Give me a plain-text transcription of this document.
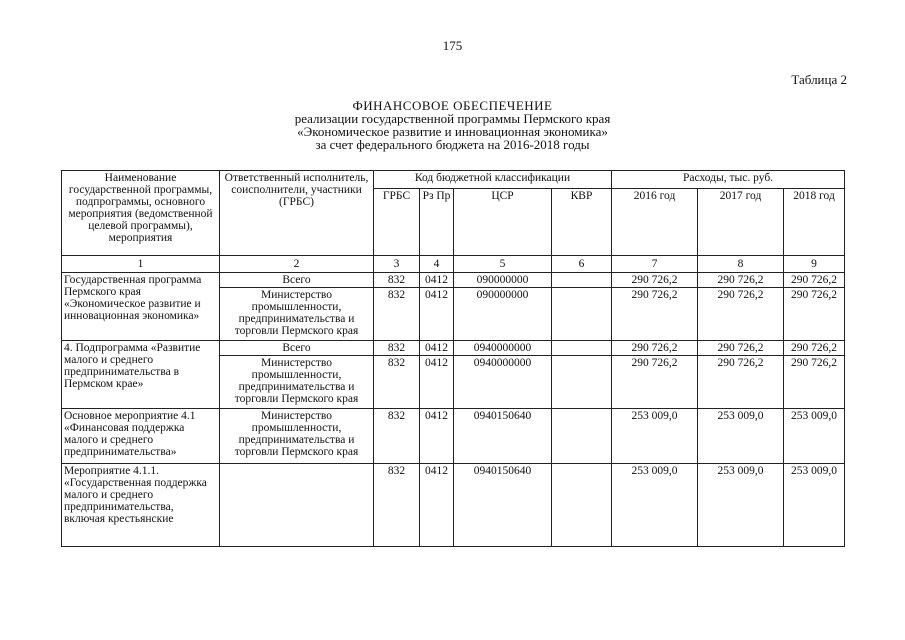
175
Таблица 2
ФИНАНСОВОЕ ОБЕСПЕЧЕНИЕ
реализации государственной программы Пермского края
«Экономическое развитие и инновационная экономика»
за счет федерального бюджета на 2016-2018 годы
Наименование государственной программы, подпрограммы, основного мероприятия (ведомственной целевой программы), мероприятия	Ответственный исполнитель, соисполнители, участники (ГРБС)	Код бюджетной классификации				Расходы, тыс. руб.		
		ГРБС	Рз Пр	ЦСР	КВР	2016 год	2017 год	2018 год
1	2	3	4	5	6	7	8	9
Государственная программа Пермского края «Экономическое развитие и инновационная экономика»	Всего	832	0412	090000000		290 726,2	290 726,2	290 726,2
	Министерство промышленности, предпринимательства и торговли Пермского края	832	0412	090000000		290 726,2	290 726,2	290 726,2
4. Подпрограмма «Развитие малого и среднего предпринимательства в Пермском крае»	Всего	832	0412	0940000000		290 726,2	290 726,2	290 726,2
	Министерство промышленности, предпринимательства и торговли Пермского края	832	0412	0940000000		290 726,2	290 726,2	290 726,2
Основное мероприятие 4.1 «Финансовая поддержка малого и среднего предпринимательства»	Министерство промышленности, предпринимательства и торговли Пермского края	832	0412	0940150640		253 009,0	253 009,0	253 009,0
Мероприятие 4.1.1. «Государственная поддержка малого и среднего предпринимательства, включая крестьянские		832	0412	0940150640		253 009,0	253 009,0	253 009,0
